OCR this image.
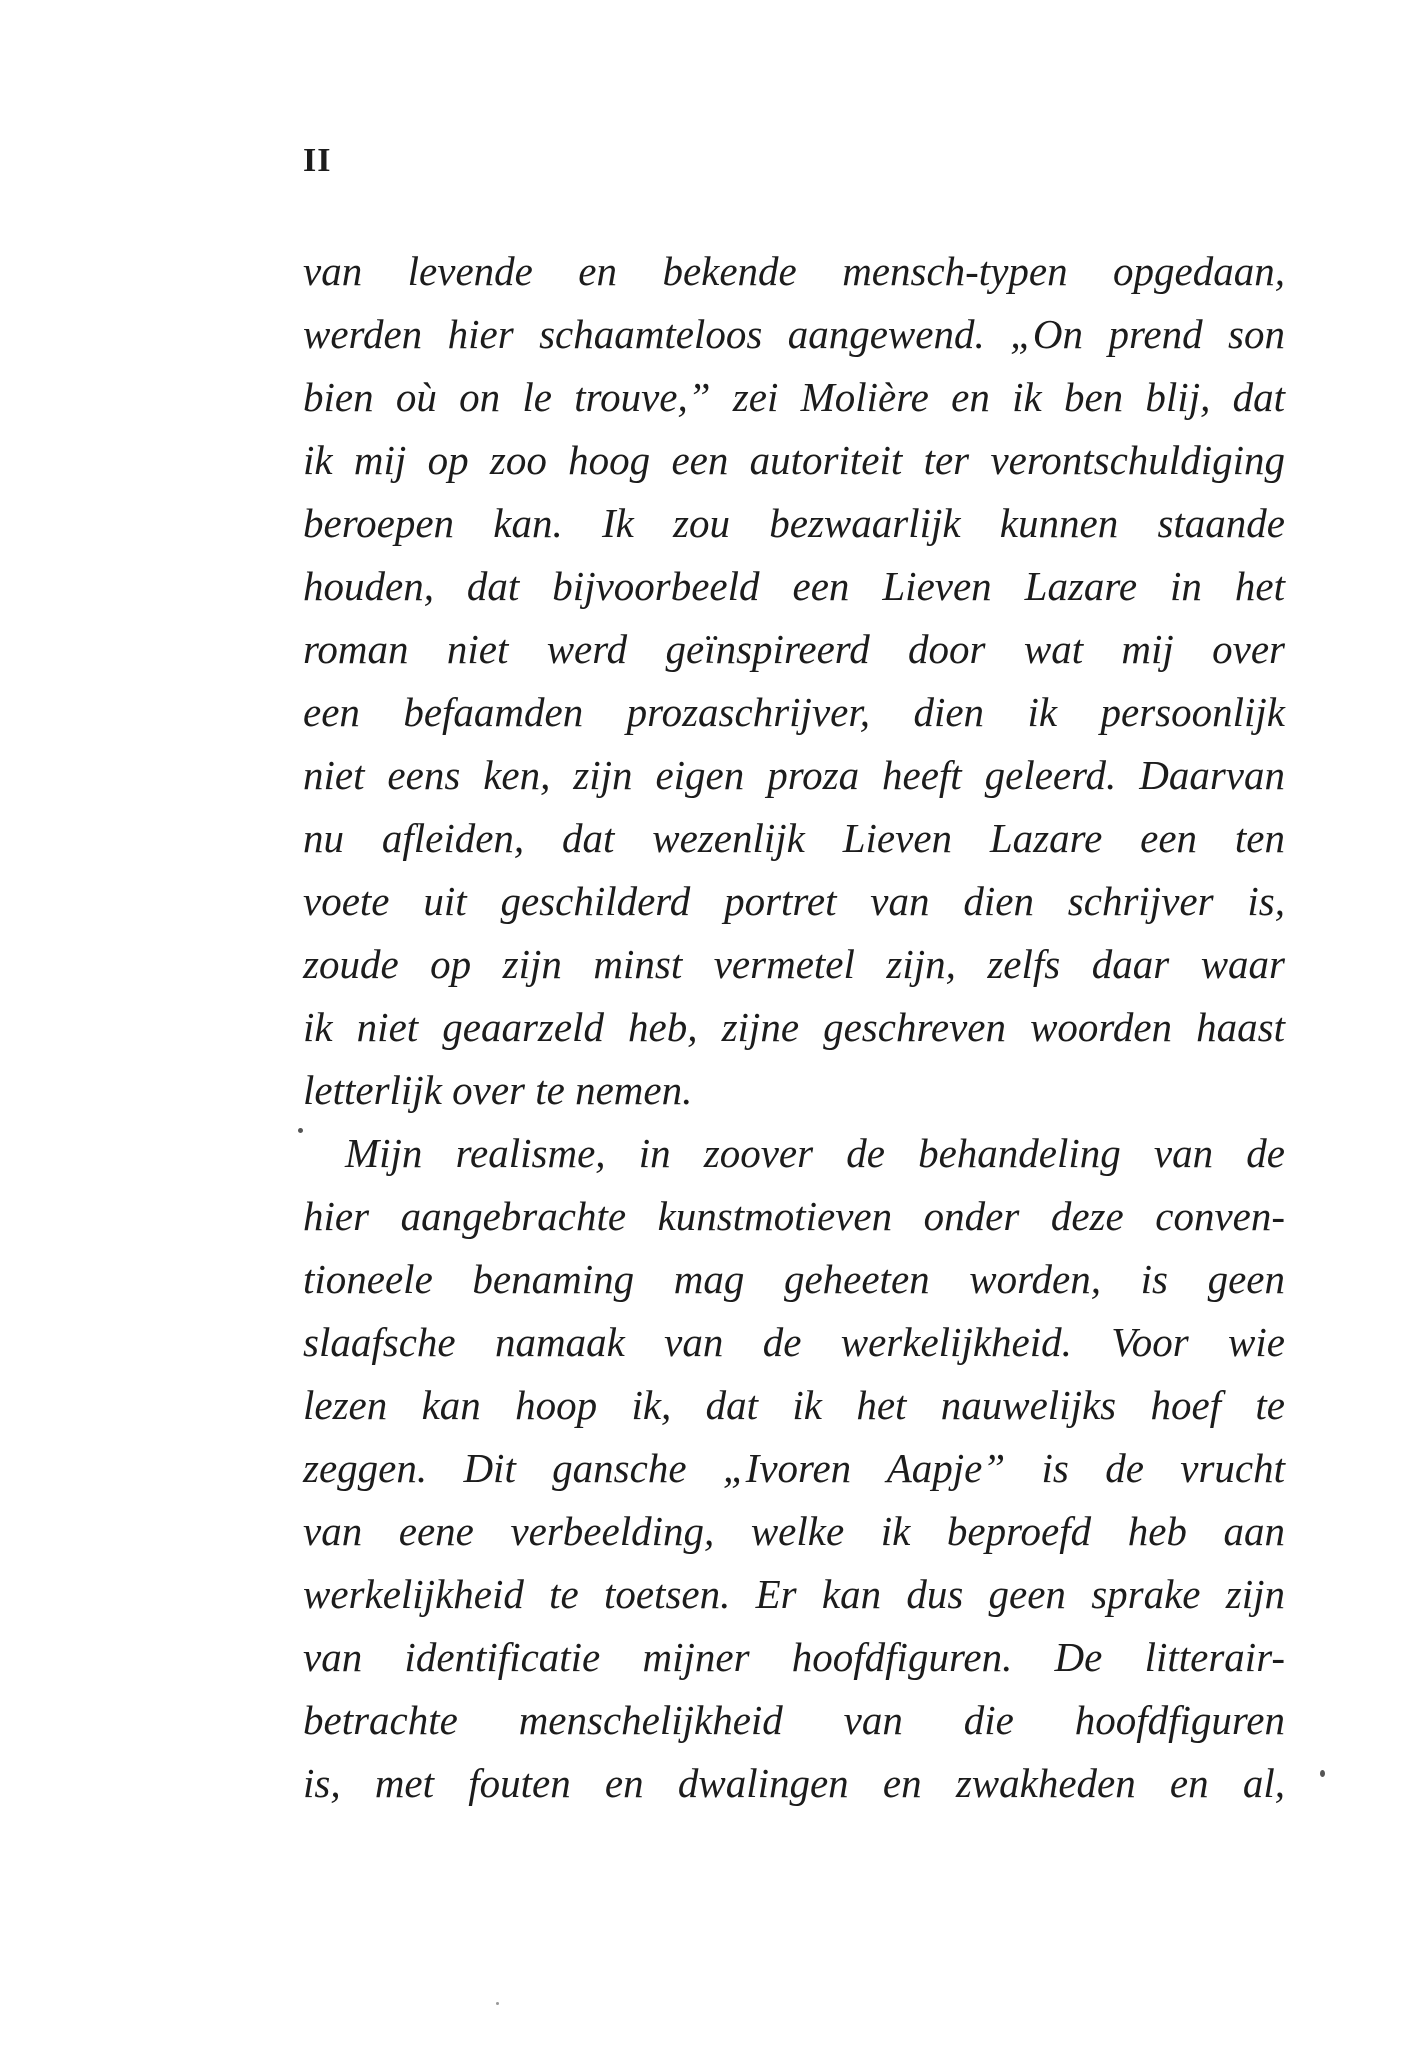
II
van levende en bekende mensch-typen opgedaan,
werden hier schaamteloos aangewend. „On prend son
bien où on le trouve,” zei Molière en ik ben blij, dat
ik mij op zoo hoog een autoriteit ter verontschuldiging
beroepen kan. Ik zou bezwaarlijk kunnen staande
houden, dat bijvoorbeeld een Lieven Lazare in het
roman niet werd geïnspireerd door wat mij over
een befaamden prozaschrijver, dien ik persoonlijk
niet eens ken, zijn eigen proza heeft geleerd. Daarvan
nu afleiden, dat wezenlijk Lieven Lazare een ten
voete uit geschilderd portret van dien schrijver is,
zoude op zijn minst vermetel zijn, zelfs daar waar
ik niet geaarzeld heb, zijne geschreven woorden haast
letterlijk over te nemen.
Mijn realisme, in zoover de behandeling van de
hier aangebrachte kunstmotieven onder deze conven-
tioneele benaming mag geheeten worden, is geen
slaafsche namaak van de werkelijkheid. Voor wie
lezen kan hoop ik, dat ik het nauwelijks hoef te
zeggen. Dit gansche „Ivoren Aapje” is de vrucht
van eene verbeelding, welke ik beproefd heb aan
werkelijkheid te toetsen. Er kan dus geen sprake zijn
van identificatie mijner hoofdfiguren. De litterair-
betrachte menschelijkheid van die hoofdfiguren
is, met fouten en dwalingen en zwakheden en al,
